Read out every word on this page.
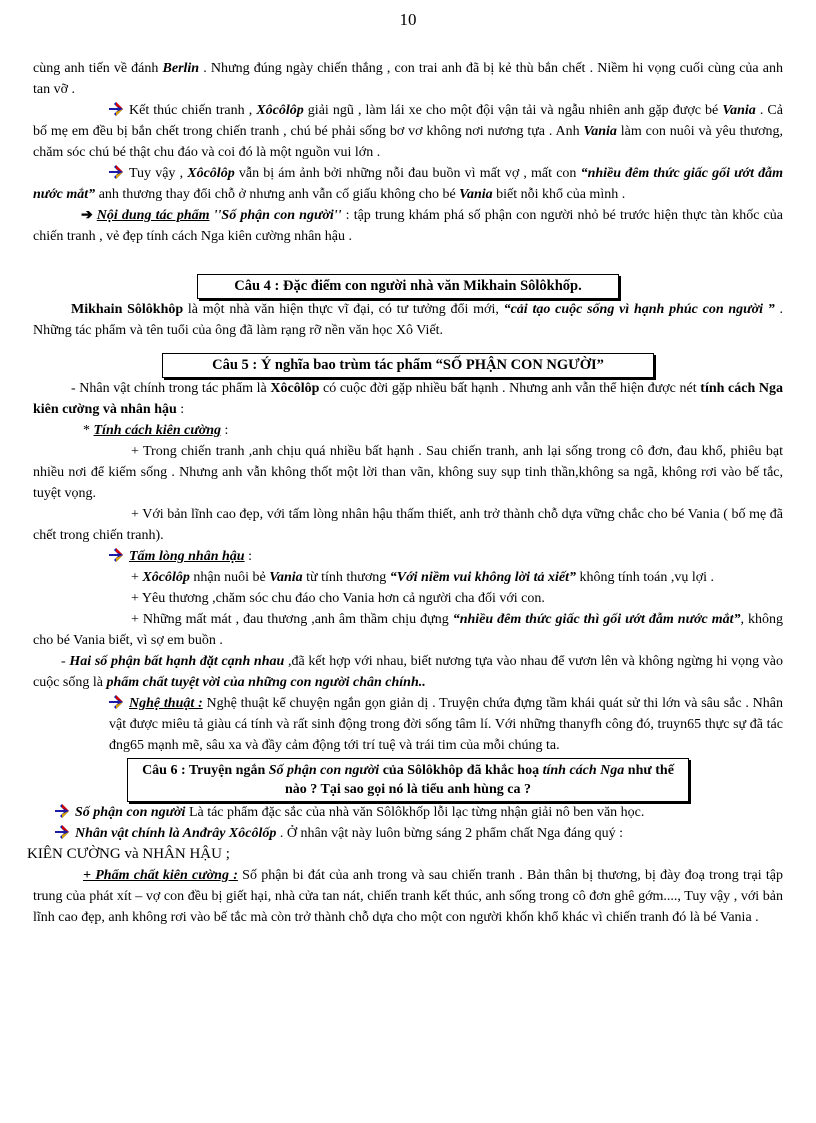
10

cùng anh tiến về đánh Berlin . Nhưng đúng ngày chiến thắng , con trai anh đã bị kẻ thù bắn chết . Niềm hi vọng cuối cùng của anh tan vỡ .

Kết thúc chiến tranh , Xôcôlôp giải ngũ , làm lái xe cho một đội vận tải và ngẫu nhiên anh gặp được bé Vania . Cả bố mẹ em đều bị bắn chết trong chiến tranh , chú bé phải sống bơ vơ không nơi nương tựa . Anh Vania làm con nuôi và yêu thương, chăm sóc chú bé thật chu đáo và coi đó là một nguồn vui lớn .

Tuy vậy , Xôcôlôp vẫn bị ám ảnh bởi những nỗi đau buồn vì mất vợ , mất con “nhiều đêm thức giấc gối ướt đẫm nước mắt” anh thương thay đổi chỗ ở nhưng anh vẫn cố giấu không cho bé Vania biết nỗi khổ của mình .

➔ Nội dung tác phẩm ''Số phận con người'' : tập trung khám phá số phận con người nhỏ bé trước hiện thực tàn khốc của chiến tranh , vẻ đẹp tính cách Nga kiên cường nhân hậu .

Câu 4 : Đặc điểm con người nhà văn Mikhain Sôlôkhốp.

Mikhain Sôlôkhôp là một nhà văn hiện thực vĩ đại, có tư tưởng đổi mới, “cải tạo cuộc sống vì hạnh phúc con người ” . Những tác phẩm và tên tuổi của ông đã làm rạng rỡ nền văn học Xô Viết.

Câu 5 : Ý nghĩa bao trùm tác phẩm “SỐ PHẬN CON NGƯỜI”

- Nhân vật chính trong tác phẩm là Xôcôlôp có cuộc đời gặp nhiều bất hạnh . Nhưng anh vẫn thể hiện được nét tính cách Nga kiên cường và nhân hậu :

* Tính cách kiên cường :

+ Trong chiến tranh ,anh chịu quá nhiều bất hạnh . Sau chiến tranh, anh lại sống trong cô đơn, đau khổ, phiêu bạt nhiều nơi để kiếm sống . Nhưng anh vẫn không thốt một lời than vãn, không suy sụp tinh thần,không sa ngã, không rơi vào bế tắc, tuyệt vọng.

+ Với bản lĩnh cao đẹp, với tấm lòng nhân hậu thấm thiết, anh trở thành chỗ dựa vững chắc cho bé Vania ( bố mẹ đã chết trong chiến tranh).

Tấm lòng nhân hậu :

+ Xôcôlôp nhận nuôi bẻ Vania từ tính thương “Với niềm vui không lời tả xiết” không tính toán ,vụ lợi .

+ Yêu thương ,chăm sóc chu đáo cho Vania hơn cả người cha đối với con.

+ Những mất mát , đau thương ,anh âm thầm chịu đựng “nhiều đêm thức giấc thì gối ướt đẫm nước mắt”, không cho bé Vania biết, vì sợ em buồn .

- Hai số phận bất hạnh đặt cạnh nhau ,đã kết hợp với nhau, biết nương tựa vào nhau để vươn lên và không ngừng hi vọng vào cuộc sống là phẩm chất tuyệt vời của những con người chân chính..

Nghệ thuật : Nghệ thuật kể chuyện ngắn gọn giản dị . Truyện chứa đựng tầm khái quát sử thi lớn và sâu sắc . Nhân vật được miêu tả giàu cá tính và rất sinh động trong đời sống tâm lí. Với những thanyfh công đó, truyn65 thực sự đã tác đng65 mạnh mẽ, sâu xa và đầy cảm động tới trí tuệ và trái tim của mỗi chúng ta.

Câu 6 : Truyện ngắn Số phận con người của Sôlôkhôp đã khắc hoạ tính cách Nga như thế nào ? Tại sao gọi nó là tiểu anh hùng ca ?

Số phận con người Là tác phẩm đặc sắc của nhà văn Sôlôkhốp lỗi lạc từng nhận giải nô ben văn học.

Nhân vật chính là Anđrây Xôcôlốp . Ở nhân vật này luôn bừng sáng 2 phẩm chất Nga đáng quý :

KIÊN CƯỜNG và NHÂN HẬU ;

+ Phẩm chất kiên cường : Số phận bi đát của anh trong và sau chiến tranh . Bản thân bị thương, bị đày đoạ trong trại tập trung của phát xít – vợ con đều bị giết hại, nhà cửa tan nát, chiến tranh kết thúc, anh sống trong cô đơn ghê gớm...., Tuy vậy , với bản lĩnh cao đẹp, anh không rơi vào bế tắc mà còn trở thành chỗ dựa cho một con người khốn khổ khác vì chiến tranh đó là bé Vania .
